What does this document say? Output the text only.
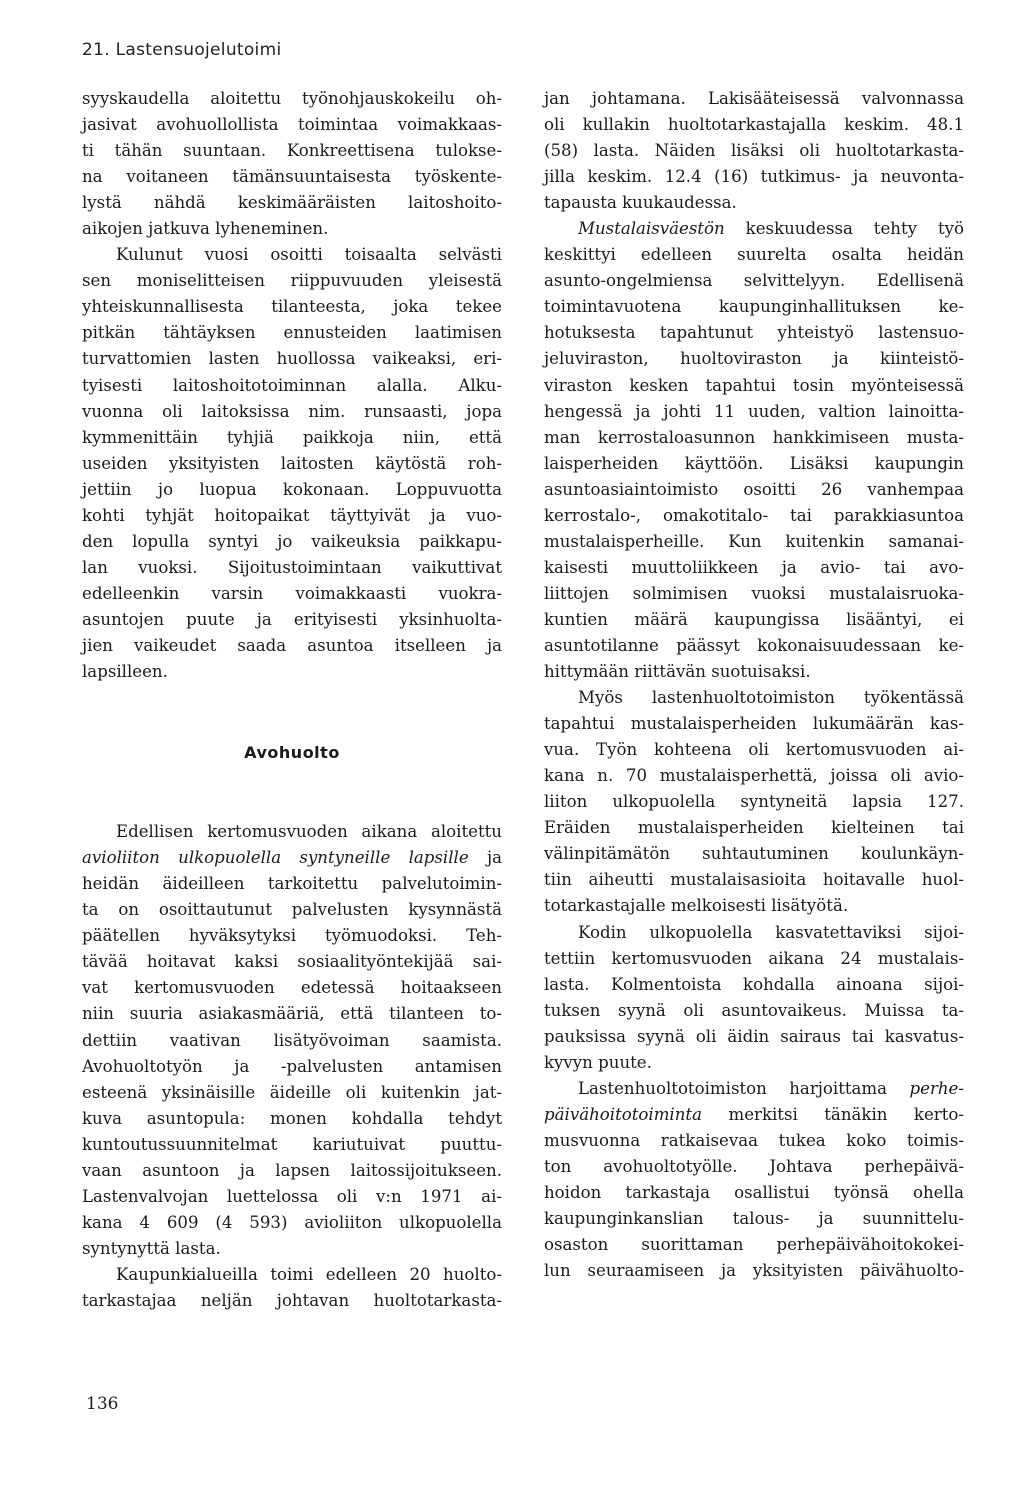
21. Lastensuojelutoimi

syyskaudella aloitettu työnohjauskokeilu oh-
jasivat avohuollollista toimintaa voimakkaas-
ti tähän suuntaan. Konkreettisena tulokse-
na voitaneen tämänsuuntaisesta työskente-
lystä nähdä keskimääräisten laitoshoito-
aikojen jatkuva lyheneminen.

Kulunut vuosi osoitti toisaalta selvästi
sen moniselitteisen riippuvuuden yleisestä
yhteiskunnallisesta tilanteesta, joka tekee
pitkän tähtäyksen ennusteiden laatimisen
turvattomien lasten huollossa vaikeaksi, eri-
tyisesti laitoshoitotoiminnan alalla. Alku-
vuonna oli laitoksissa nim. runsaasti, jopa
kymmenittäin tyhjiä paikkoja niin, että
useiden yksityisten laitosten käytöstä roh-
jettiin jo luopua kokonaan. Loppuvuotta
kohti tyhjät hoitopaikat täyttyivät ja vuo-
den lopulla syntyi jo vaikeuksia paikkapu-
lan vuoksi. Sijoitustoimintaan vaikuttivat
edelleenkin varsin voimakkaasti vuokra-
asuntojen puute ja erityisesti yksinhuolta-
jien vaikeudet saada asuntoa itselleen ja
lapsilleen.

Avohuolto

Edellisen kertomusvuoden aikana aloitettu
avioliiton ulkopuolella syntyneille lapsille ja

heidän äideilleen tarkoitettu palvelutoimin-
ta on osoittautunut palvelusten kysynnästä
päätellen hyväksytyksi työmuodoksi. Teh-
tävää hoitavat kaksi sosiaalityöntekijää sai-
vat kertomusvuoden edetessä hoitaakseen
niin suuria asiakasmääriä, että tilanteen to-
dettiin vaativan lisätyövoiman saamista.
Avohuoltotyön ja -palvelusten antamisen
esteenä yksinäisille äideille oli kuitenkin jat-
kuva asuntopula: monen kohdalla tehdyt
kuntoutussuunnitelmat kariutuivat puuttu-
vaan asuntoon ja lapsen laitossijoitukseen.
Lastenvalvojan luettelossa oli v:n 1971 ai-
kana 4 609 (4 593) avioliiton ulkopuolella
syntynyttä lasta.

Kaupunkialueilla toimi edelleen 20 huolto-
tarkastajaa neljän johtavan huoltotarkasta-

jan johtamana. Lakisääteisessä valvonnassa
oli kullakin huoltotarkastajalla keskim. 48.1
(58) lasta. Näiden lisäksi oli huoltotarkasta-
jilla keskim. 12.4 (16) tutkimus- ja neuvonta-
tapausta kuukaudessa.

Mustalaisväestön keskuudessa tehty työ

keskittyi edelleen suurelta osalta heidän
asunto-ongelmiensa selvittelyyn. Edellisenä
toimintavuotena kaupunginhallituksen ke-
hotuksesta tapahtunut yhteistyö lastensuo-
jeluviraston, huoltoviraston ja kiinteistö-
viraston kesken tapahtui tosin myönteisessä
hengessä ja johti 11 uuden, valtion lainoitta-
man kerrostaloasunnon hankkimiseen musta-
laisperheiden käyttöön. Lisäksi kaupungin
asuntoasiaintoimisto osoitti 26 vanhempaa
kerrostalo-, omakotitalo- tai parakkiasuntoa
mustalaisperheille. Kun kuitenkin samanai-
kaisesti muuttoliikkeen ja avio- tai avo-
liittojen solmimisen vuoksi mustalaisruoka-
kuntien määrä kaupungissa lisääntyi, ei
asuntotilanne päässyt kokonaisuudessaan ke-
hittymään riittävän suotuisaksi.

Myös lastenhuoltotoimiston työkentässä
tapahtui mustalaisperheiden lukumäärän kas-
vua. Työn kohteena oli kertomusvuoden ai-
kana n. 70 mustalaisperhettä, joissa oli avio-
liiton ulkopuolella syntyneitä lapsia 127.
Eräiden mustalaisperheiden kielteinen tai
välinpitämätön suhtautuminen koulunkäyn-
tiin aiheutti mustalaisasioita hoitavalle huol-
totarkastajalle melkoisesti lisätyötä.

Kodin ulkopuolella kasvatettaviksi sijoi-
tettiin kertomusvuoden aikana 24 mustalais-
lasta. Kolmentoista kohdalla ainoana sijoi-
tuksen syynä oli asuntovaikeus. Muissa ta-
pauksissa syynä oli äidin sairaus tai kasvatus-
kyvyn puute.

Lastenhuoltotoimiston harjoittama perhe-
päivähoitotoiminta merkitsi tänäkin kerto-

musvuonna ratkaisevaa tukea koko toimis-
ton avohuoltotyölle. Johtava perhepäivä-
hoidon tarkastaja osallistui työnsä ohella
kaupunginkanslian talous- ja suunnittelu-
osaston suorittaman perhepäivähoitokokei-
lun seuraamiseen ja yksityisten päivähuolto-

136
